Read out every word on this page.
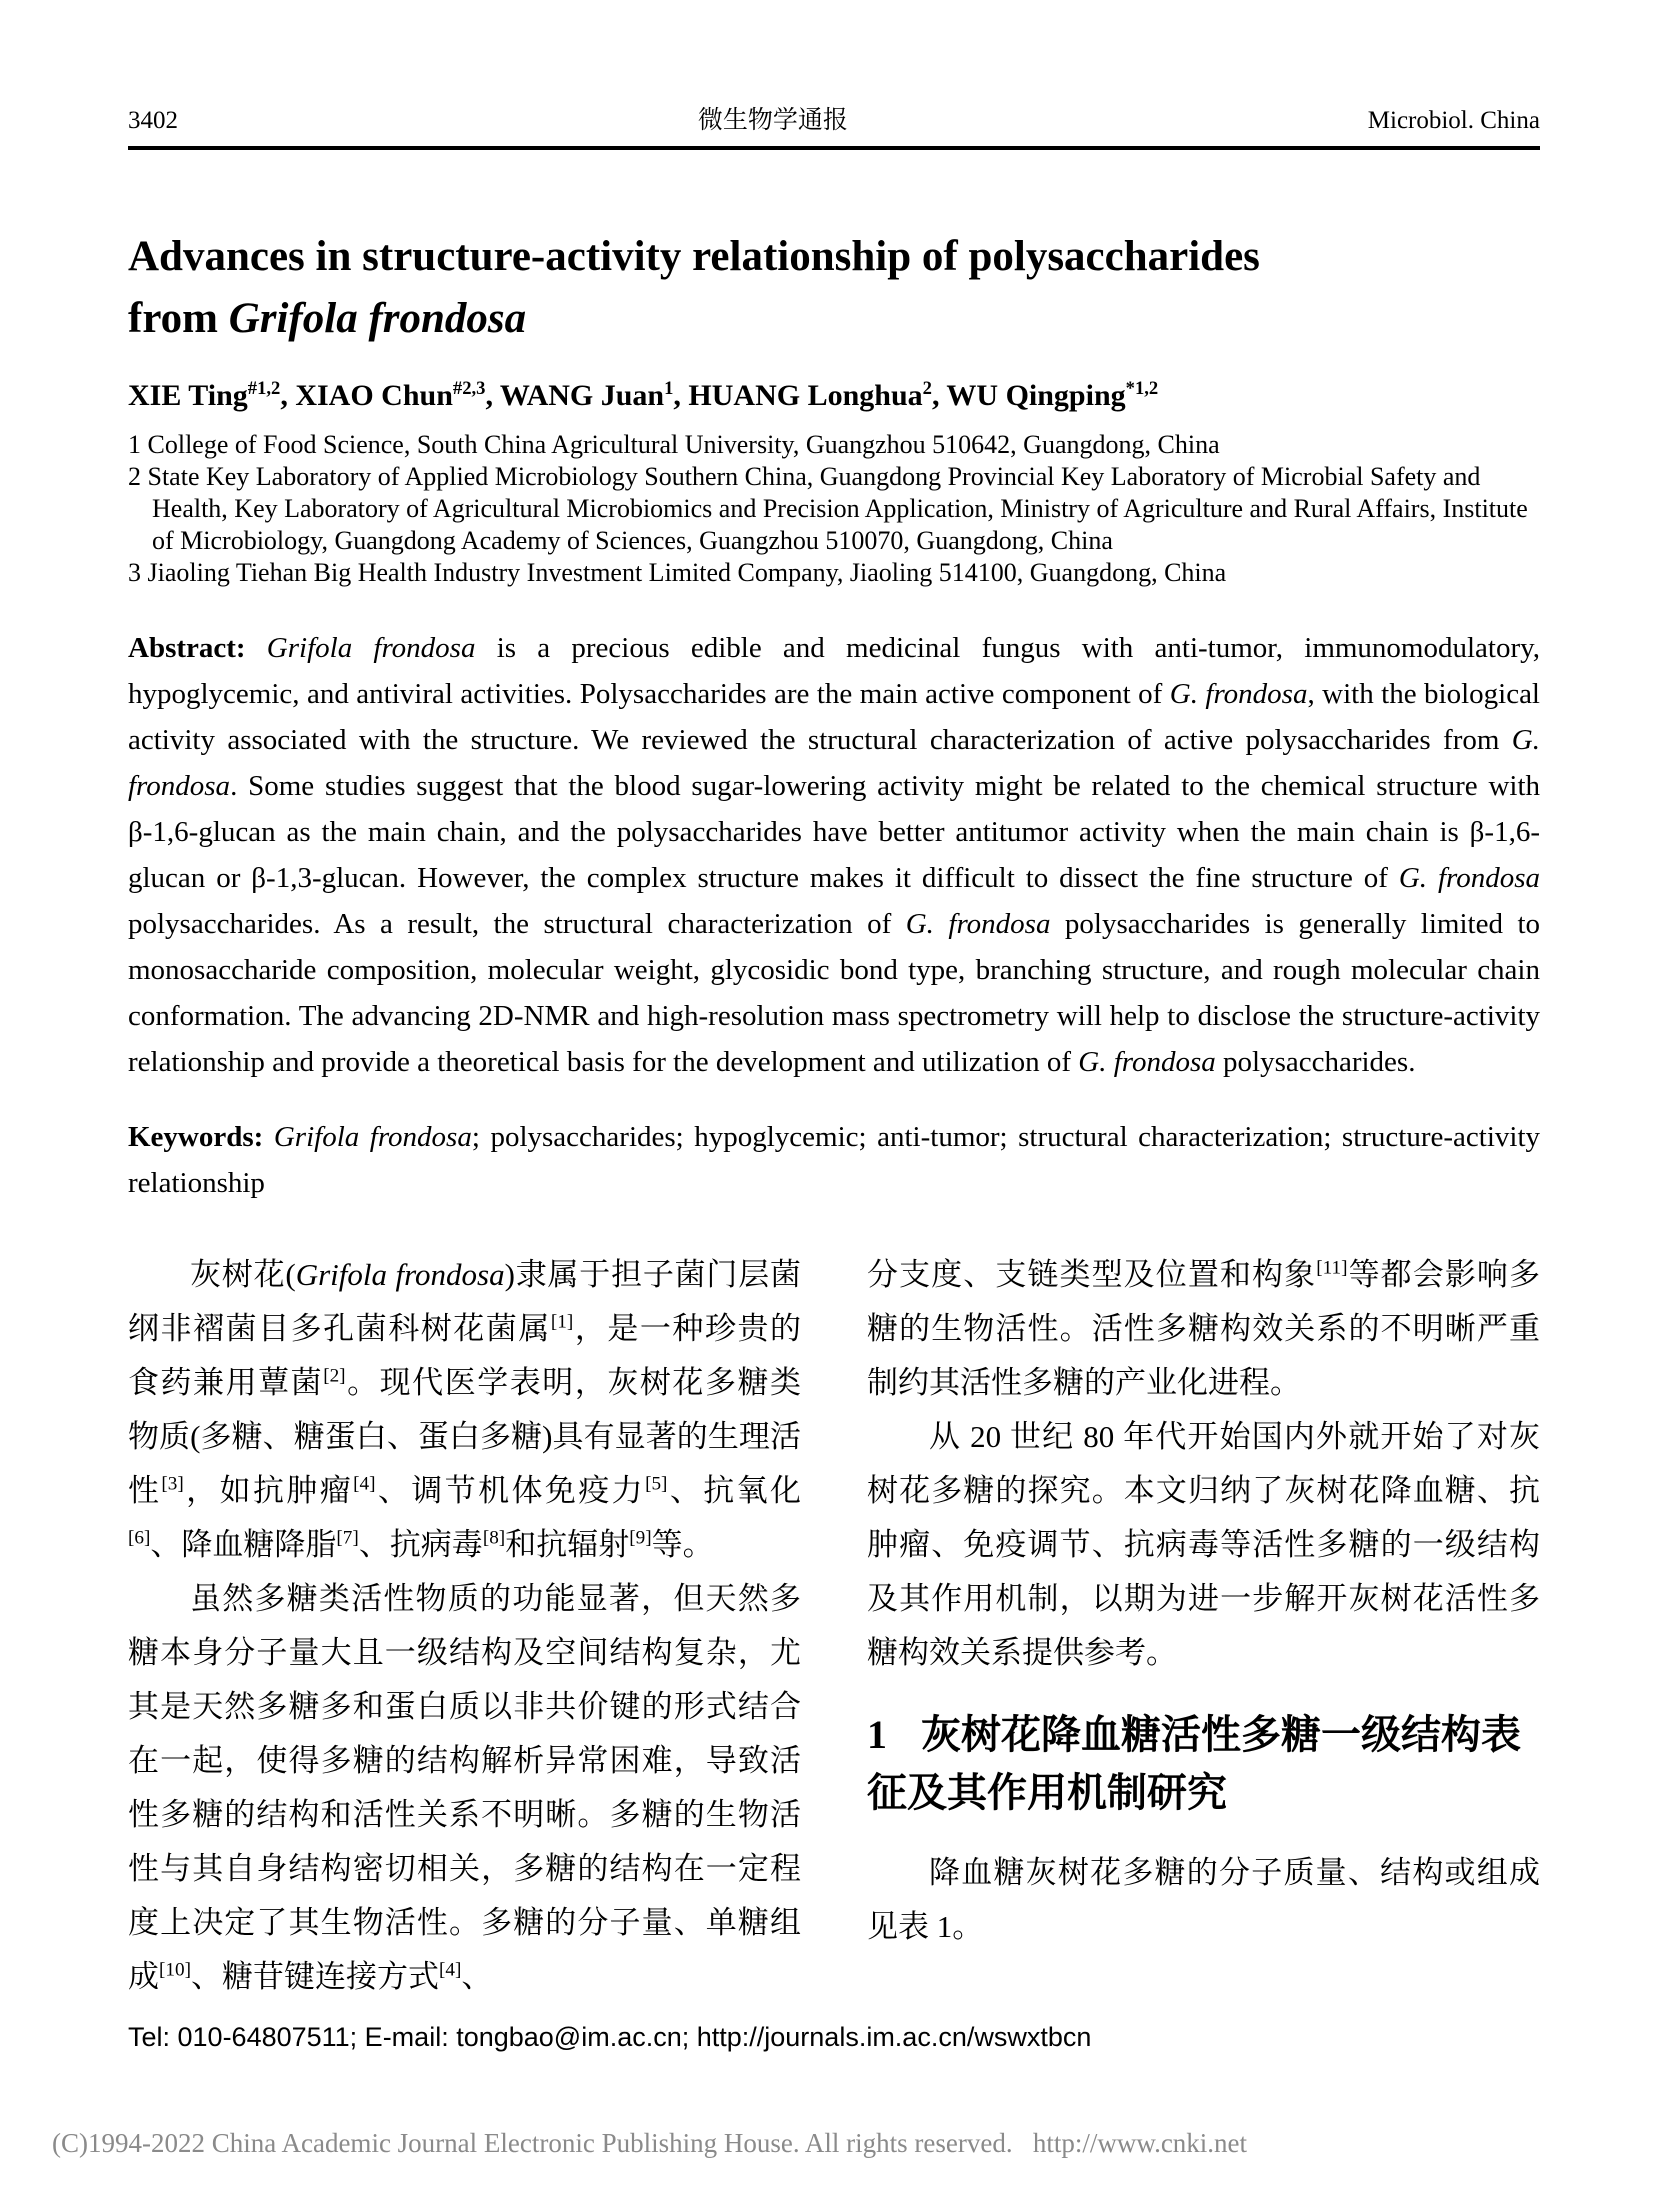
3402	微生物学通报	Microbiol. China
Advances in structure-activity relationship of polysaccharides
from Grifola frondosa
XIE Ting$^{\#1,2}$, XIAO Chun$^{\#2,3}$, WANG Juan$^1$, HUANG Longhua$^2$, WU Qingping$^{*1,2}$
1 College of Food Science, South China Agricultural University, Guangzhou 510642, Guangdong, China
2 State Key Laboratory of Applied Microbiology Southern China, Guangdong Provincial Key Laboratory of Microbial Safety and Health, Key Laboratory of Agricultural Microbiomics and Precision Application, Ministry of Agriculture and Rural Affairs, Institute of Microbiology, Guangdong Academy of Sciences, Guangzhou 510070, Guangdong, China
3 Jiaoling Tiehan Big Health Industry Investment Limited Company, Jiaoling 514100, Guangdong, China

Abstract: Grifola frondosa is a precious edible and medicinal fungus with anti-tumor, immunomodulatory, hypoglycemic, and antiviral activities. Polysaccharides are the main active component of G. frondosa, with the biological activity associated with the structure. We reviewed the structural characterization of active polysaccharides from G. frondosa. Some studies suggest that the blood sugar-lowering activity might be related to the chemical structure with β-1,6-glucan as the main chain, and the polysaccharides have better antitumor activity when the main chain is β-1,6-glucan or β-1,3-glucan. However, the complex structure makes it difficult to dissect the fine structure of G. frondosa polysaccharides. As a result, the structural characterization of G. frondosa polysaccharides is generally limited to monosaccharide composition, molecular weight, glycosidic bond type, branching structure, and rough molecular chain conformation. The advancing 2D-NMR and high-resolution mass spectrometry will help to disclose the structure-activity relationship and provide a theoretical basis for the development and utilization of G. frondosa polysaccharides.

Keywords: Grifola frondosa; polysaccharides; hypoglycemic; anti-tumor; structural characterization; structure-activity relationship

灰树花(Grifola frondosa)隶属于担子菌门层菌纲非褶菌目多孔菌科树花菌属[1]，是一种珍贵的食药兼用蕈菌[2]。现代医学表明，灰树花多糖类物质(多糖、糖蛋白、蛋白多糖)具有显著的生理活性[3]，如抗肿瘤[4]、调节机体免疫力[5]、抗氧化[6]、降血糖降脂[7]、抗病毒[8]和抗辐射[9]等。

虽然多糖类活性物质的功能显著，但天然多糖本身分子量大且一级结构及空间结构复杂，尤其是天然多糖多和蛋白质以非共价键的形式结合在一起，使得多糖的结构解析异常困难，导致活性多糖的结构和活性关系不明晰。多糖的生物活性与其自身结构密切相关，多糖的结构在一定程度上决定了其生物活性。多糖的分子量、单糖组成[10]、糖苷键连接方式[4]、

分支度、支链类型及位置和构象[11]等都会影响多糖的生物活性。活性多糖构效关系的不明晰严重制约其活性多糖的产业化进程。

从 20 世纪 80 年代开始国内外就开始了对灰树花多糖的探究。本文归纳了灰树花降血糖、抗肿瘤、免疫调节、抗病毒等活性多糖的一级结构及其作用机制，以期为进一步解开灰树花活性多糖构效关系提供参考。

1 灰树花降血糖活性多糖一级结构表征及其作用机制研究

降血糖灰树花多糖的分子质量、结构或组成见表 1。

Tel: 010-64807511; E-mail: tongbao@im.ac.cn; http://journals.im.ac.cn/wswxtbcn
(C)1994-2022 China Academic Journal Electronic Publishing House. All rights reserved.   http://www.cnki.net
